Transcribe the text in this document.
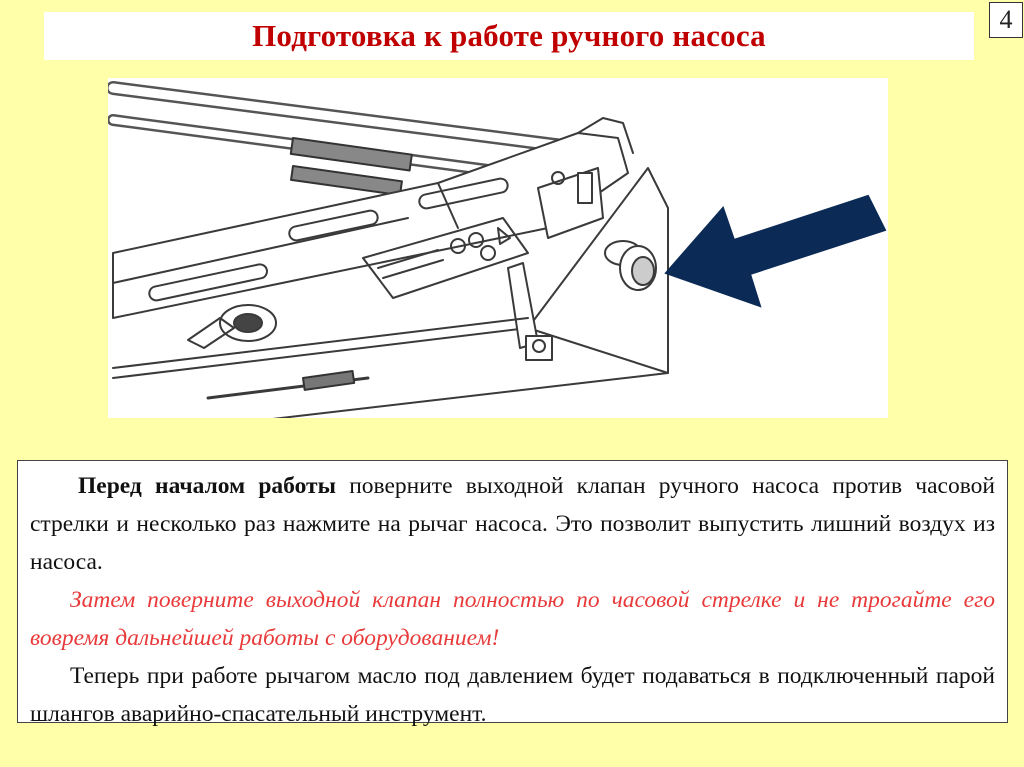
4
Подготовка к работе ручного насоса

Перед началом работы поверните выходной клапан ручного насоса против часовой стрелки и несколько раз нажмите на рычаг насоса. Это позволит выпустить лишний воздух из насоса.

Затем поверните выходной клапан полностью по часовой стрелке и не трогайте его вовремя дальнейшей работы с оборудованием!

Теперь при работе рычагом масло под давлением будет подаваться в подключенный парой шлангов аварийно-спасательный инструмент.
